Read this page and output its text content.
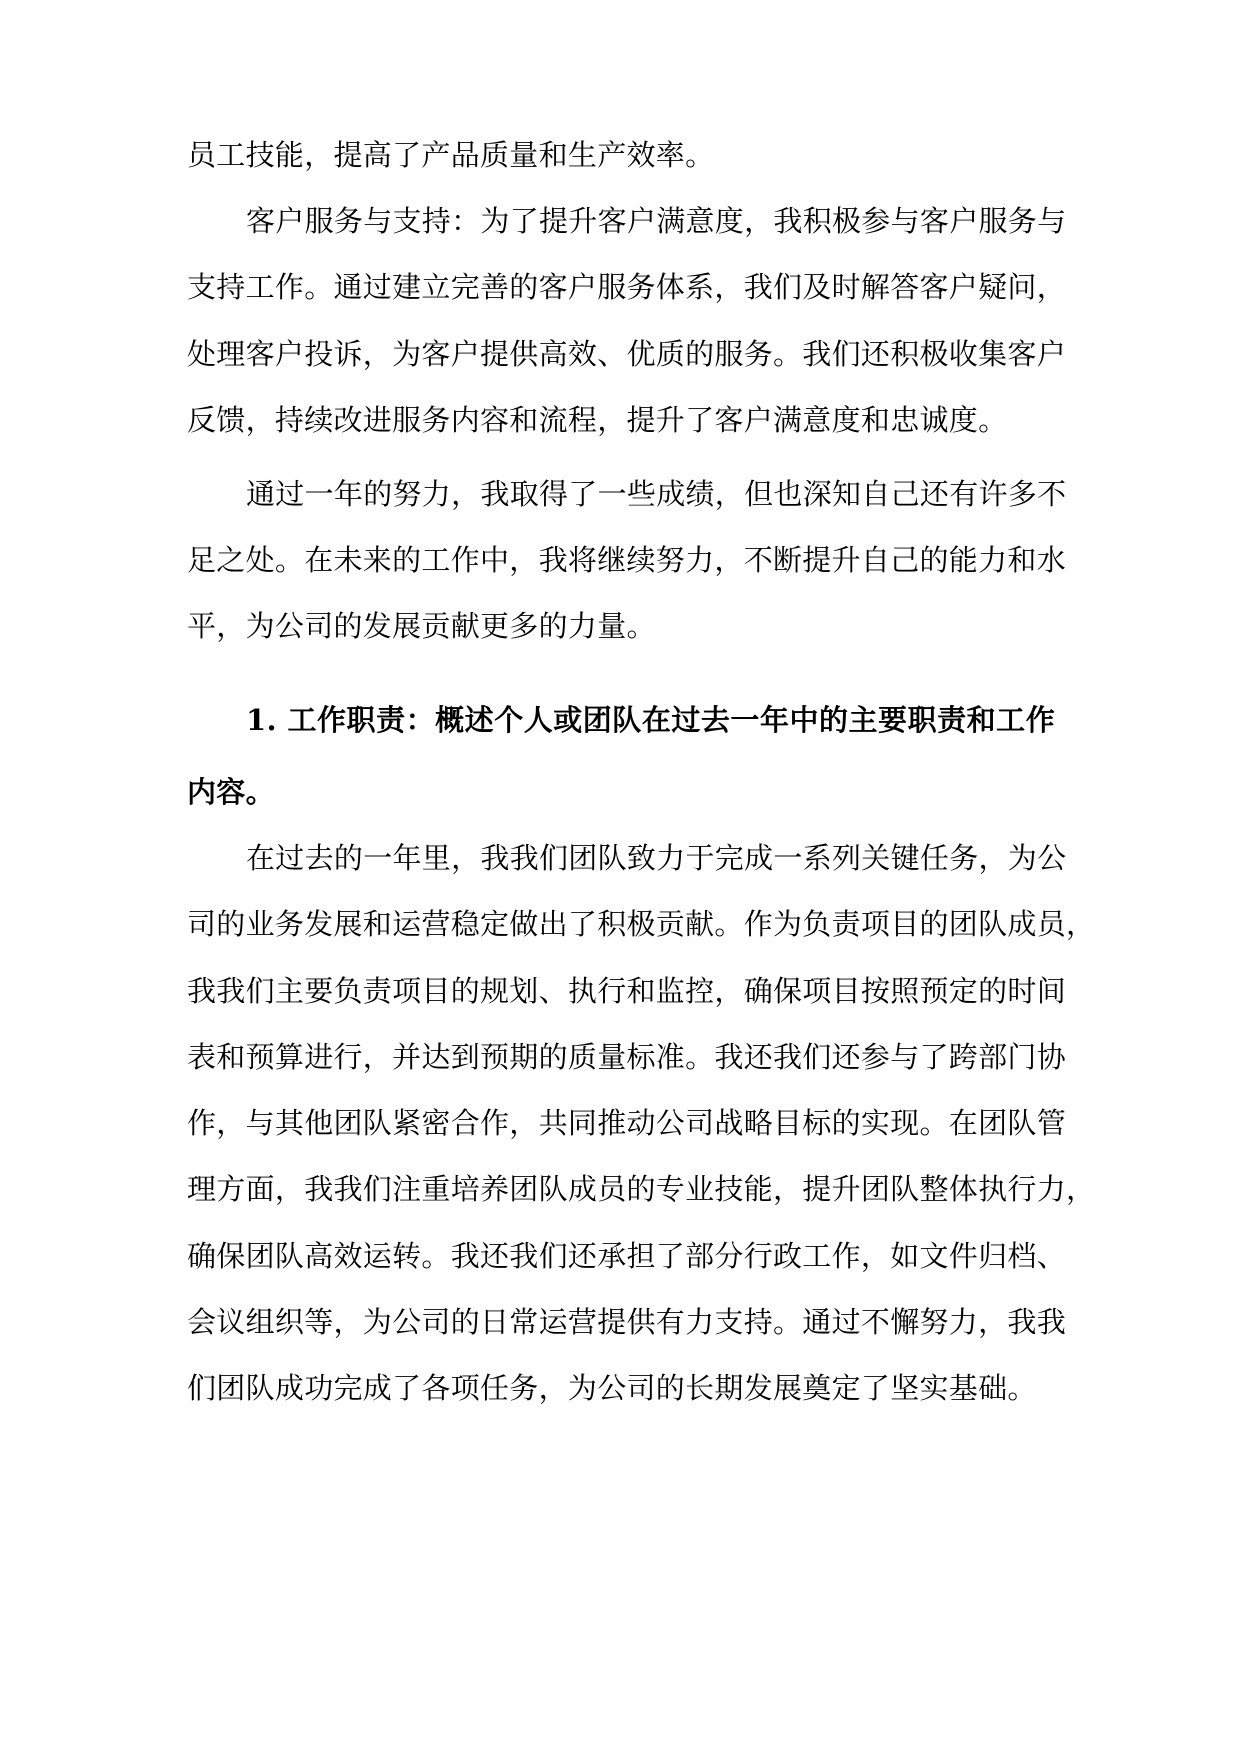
员工技能，提高了产品质量和生产效率。
客户服务与支持：为了提升客户满意度，我积极参与客户服务与
支持工作。通过建立完善的客户服务体系，我们及时解答客户疑问，
处理客户投诉，为客户提供高效、优质的服务。我们还积极收集客户
反馈，持续改进服务内容和流程，提升了客户满意度和忠诚度。
通过一年的努力，我取得了一些成绩，但也深知自己还有许多不
足之处。在未来的工作中，我将继续努力，不断提升自己的能力和水
平，为公司的发展贡献更多的力量。
1. 工作职责：概述个人或团队在过去一年中的主要职责和工作
内容。
在过去的一年里，我我们团队致力于完成一系列关键任务，为公
司的业务发展和运营稳定做出了积极贡献。作为负责项目的团队成员，
我我们主要负责项目的规划、执行和监控，确保项目按照预定的时间
表和预算进行，并达到预期的质量标准。我还我们还参与了跨部门协
作，与其他团队紧密合作，共同推动公司战略目标的实现。在团队管
理方面，我我们注重培养团队成员的专业技能，提升团队整体执行力，
确保团队高效运转。我还我们还承担了部分行政工作，如文件归档、
会议组织等，为公司的日常运营提供有力支持。通过不懈努力，我我
们团队成功完成了各项任务，为公司的长期发展奠定了坚实基础。
